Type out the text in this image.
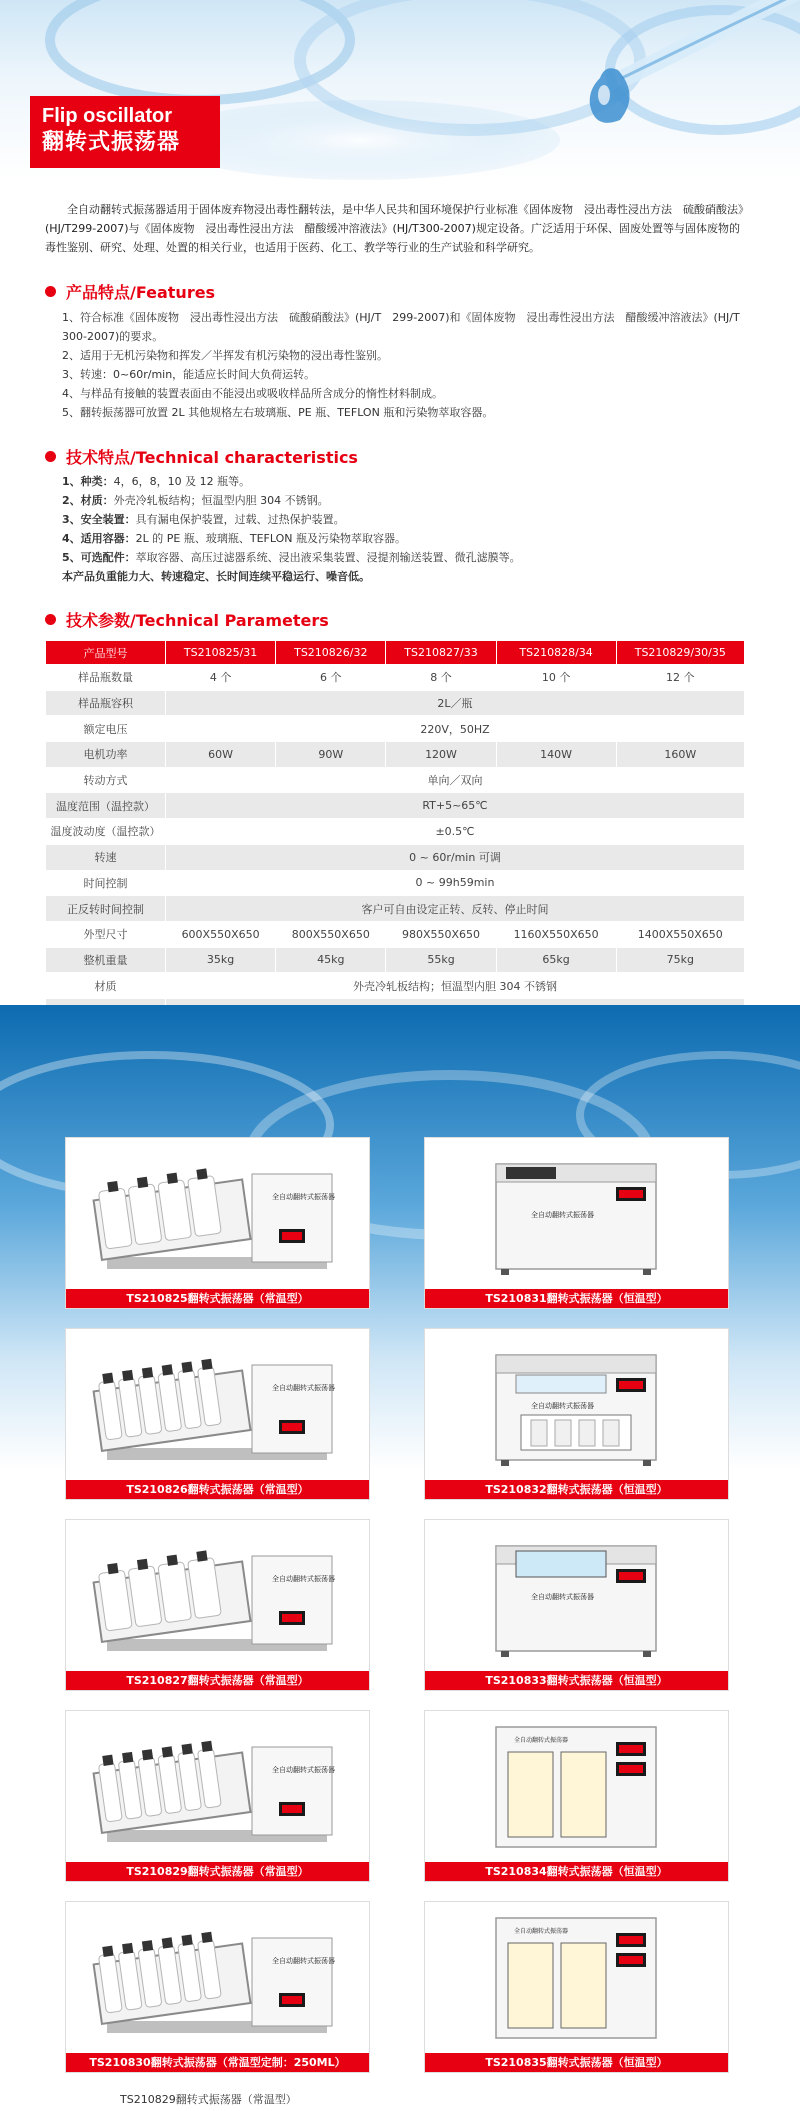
Flip oscillator
翻转式振荡器

全自动翻转式振荡器适用于固体废弃物浸出毒性翻转法，是中华人民共和国环境保护行业标准《固体废物　浸出毒性浸出方法　硫酸硝酸法》(HJ/T299-2007)与《固体废物　浸出毒性浸出方法　醋酸缓冲溶液法》(HJ/T300-2007)规定设备。广泛适用于环保、固废处置等与固体废物的毒性鉴别、研究、处理、处置的相关行业，也适用于医药、化工、教学等行业的生产试验和科学研究。

产品特点/Features
1、符合标准《固体废物　浸出毒性浸出方法　硫酸硝酸法》(HJ/T　299-2007)和《固体废物　浸出毒性浸出方法　醋酸缓冲溶液法》(HJ/T　300-2007)的要求。
2、适用于无机污染物和挥发／半挥发有机污染物的浸出毒性鉴别。
3、转速：0~60r/min，能适应长时间大负荷运转。
4、与样品有接触的装置表面由不能浸出或吸收样品所含成分的惰性材料制成。
5、翻转振荡器可放置 2L 其他规格左右玻璃瓶、PE 瓶、TEFLON 瓶和污染物萃取容器。
技术特点/Technical characteristics
1、种类：4，6，8，10 及 12 瓶等。
2、材质：外壳冷轧板结构；恒温型内胆 304 不锈钢。
3、安全装置：具有漏电保护装置，过载、过热保护装置。
4、适用容器：2L 的 PE 瓶、玻璃瓶、TEFLON 瓶及污染物萃取容器。
5、可选配件：萃取容器、高压过滤器系统、浸出液采集装置、浸提剂输送装置、微孔滤膜等。
本产品负重能力大、转速稳定、长时间连续平稳运行、噪音低。
技术参数/Technical Parameters
产品型号	TS210825/31	TS210826/32	TS210827/33	TS210828/34	TS210829/30/35
样品瓶数量	4 个	6 个	8 个	10 个	12 个
样品瓶容积	2L／瓶				
额定电压	220V，50HZ				
电机功率	60W	90W	120W	140W	160W
转动方式	单向／双向				
温度范围（温控款）	RT+5~65℃				
温度波动度（温控款）	±0.5℃				
转速	0 ~ 60r/min 可调				
时间控制	0 ~ 99h59min				
正反转时间控制	客户可自由设定正转、反转、停止时间				
外型尺寸	600X550X650	800X550X650	980X550X650	1160X550X650	1400X550X650
整机重量	35kg	45kg	55kg	65kg	75kg
材质	外壳冷轧板结构；恒温型内胆 304 不锈钢				

全自动翻转式振荡器
TS210825翻转式振荡器（常温型）
全自动翻转式振荡器
TS210831翻转式振荡器（恒温型）
全自动翻转式振荡器
TS210826翻转式振荡器（常温型）
全自动翻转式振荡器
TS210832翻转式振荡器（恒温型）
全自动翻转式振荡器
TS210827翻转式振荡器（常温型）
全自动翻转式振荡器
TS210833翻转式振荡器（恒温型）
全自动翻转式振荡器
TS210829翻转式振荡器（常温型）
全自动翻转式振荡器
TS210834翻转式振荡器（恒温型）
全自动翻转式振荡器
TS210830翻转式振荡器（常温型定制：250ML）
全自动翻转式振荡器
TS210835翻转式振荡器（恒温型）
TS210829翻转式振荡器（常温型）
